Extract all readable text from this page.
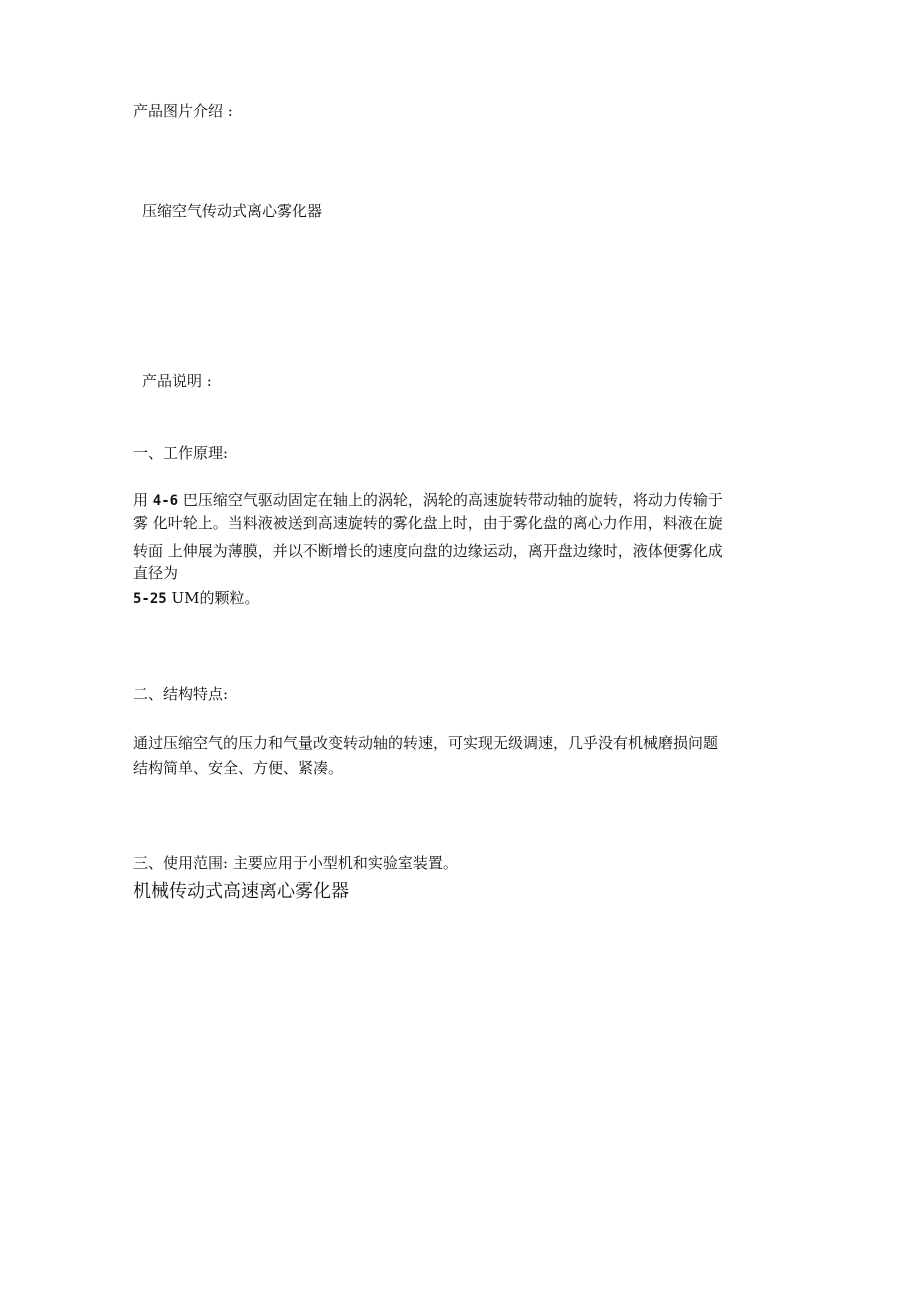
产品图片介绍 :

压缩空气传动式离心雾化器

产品说明 :

一、工作原理:

用 4-6 巴压缩空气驱动固定在轴上的涡轮，涡轮的高速旋转带动轴的旋转，将动力传输于

雾 化叶轮上。当料液被送到高速旋转的雾化盘上时，由于雾化盘的离心力作用，料液在旋

转面 上伸展为薄膜，并以不断增长的速度向盘的边缘运动，离开盘边缘时，液体便雾化成

直径为

5-25 UM的颗粒。

二、结构特点:

通过压缩空气的压力和气量改变转动轴的转速，可实现无级调速，几乎没有机械磨损问题

结构简单、安全、方便、紧凑。

三、使用范围: 主要应用于小型机和实验室装置。

机械传动式高速离心雾化器
